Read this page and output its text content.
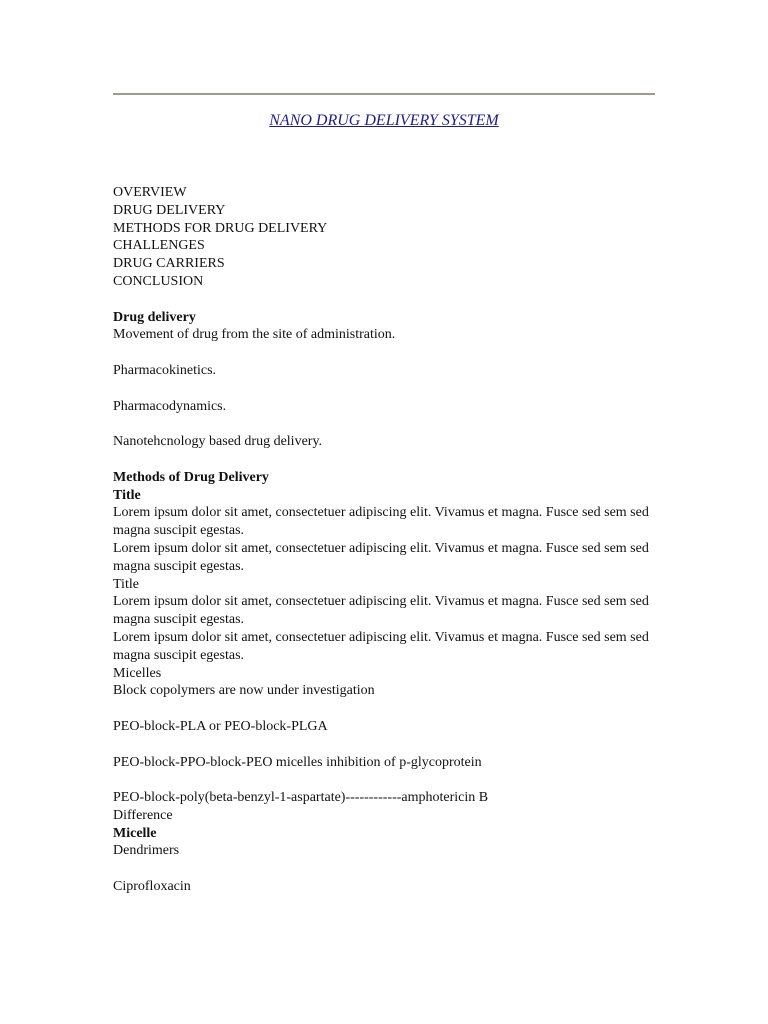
NANO DRUG DELIVERY SYSTEM
OVERVIEW
DRUG DELIVERY
METHODS FOR DRUG DELIVERY
CHALLENGES
DRUG CARRIERS
CONCLUSION
Drug delivery
Movement of drug from the site of administration.
Pharmacokinetics.
Pharmacodynamics.
Nanotehcnology based drug delivery.
Methods of Drug Delivery
Title
Lorem ipsum dolor sit amet, consectetuer adipiscing elit. Vivamus et magna. Fusce sed sem sed magna suscipit egestas.
Lorem ipsum dolor sit amet, consectetuer adipiscing elit. Vivamus et magna. Fusce sed sem sed magna suscipit egestas.
Title
Lorem ipsum dolor sit amet, consectetuer adipiscing elit. Vivamus et magna. Fusce sed sem sed magna suscipit egestas.
Lorem ipsum dolor sit amet, consectetuer adipiscing elit. Vivamus et magna. Fusce sed sem sed magna suscipit egestas.
Micelles
Block copolymers are now under investigation
PEO-block-PLA or PEO-block-PLGA
PEO-block-PPO-block-PEO micelles inhibition of p-glycoprotein
PEO-block-poly(beta-benzyl-1-aspartate)------------amphotericin B
Difference
Micelle
Dendrimers
Ciprofloxacin
